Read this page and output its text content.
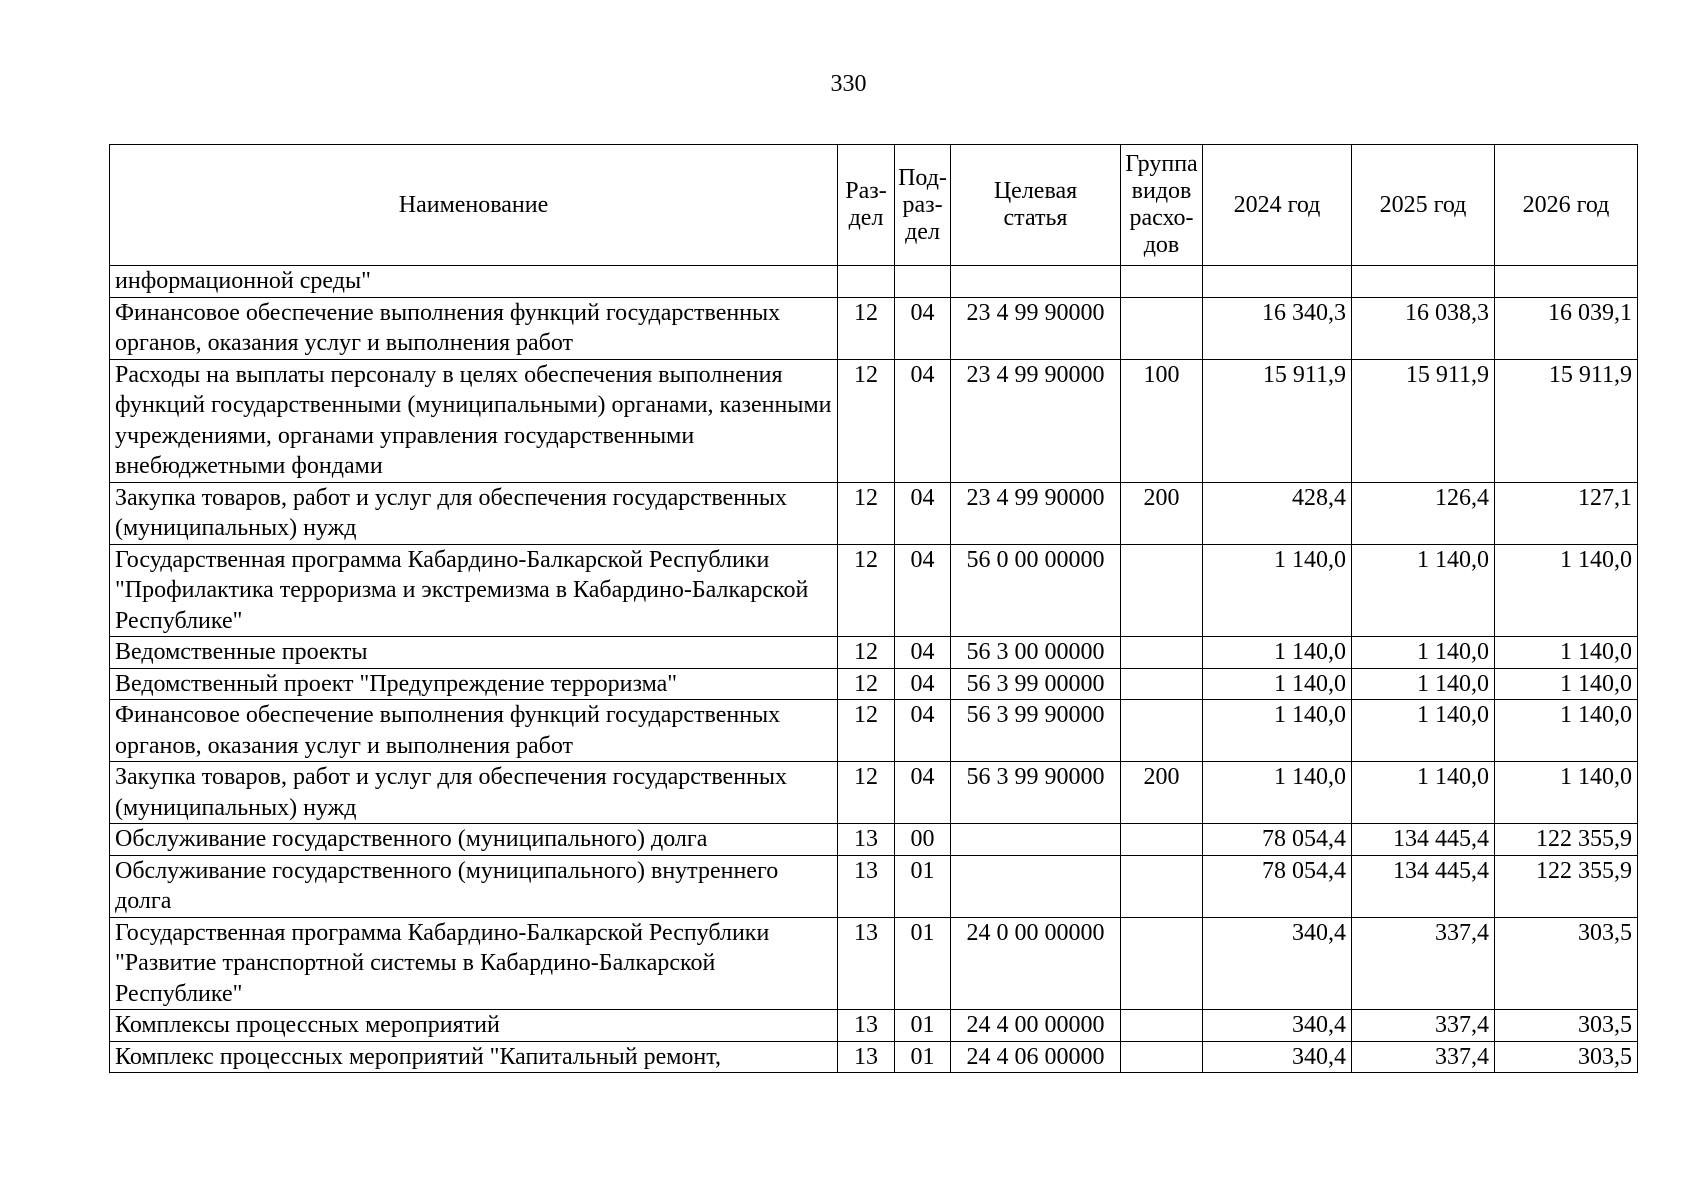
330
Наименование	Раз-
дел	Под-
раз-
дел	Целевая
статья	Группа
видов
расхо-
дов	2024 год	2025 год	2026 год
информационной среды"							
Финансовое обеспечение выполнения функций государственных органов, оказания услуг и выполнения работ	12	04	23 4 99 90000		16 340,3	16 038,3	16 039,1
Расходы на выплаты персоналу в целях обеспечения выполнения функций государственными (муниципальными) органами, казенными учреждениями, органами управления государственными внебюджетными фондами	12	04	23 4 99 90000	100	15 911,9	15 911,9	15 911,9
Закупка товаров, работ и услуг для обеспечения государственных (муниципальных) нужд	12	04	23 4 99 90000	200	428,4	126,4	127,1
Государственная программа Кабардино-Балкарской Республики "Профилактика терроризма и экстремизма в Кабардино-Балкарской Республике"	12	04	56 0 00 00000		1 140,0	1 140,0	1 140,0
Ведомственные проекты	12	04	56 3 00 00000		1 140,0	1 140,0	1 140,0
Ведомственный проект "Предупреждение терроризма"	12	04	56 3 99 00000		1 140,0	1 140,0	1 140,0
Финансовое обеспечение выполнения функций государственных органов, оказания услуг и выполнения работ	12	04	56 3 99 90000		1 140,0	1 140,0	1 140,0
Закупка товаров, работ и услуг для обеспечения государственных (муниципальных) нужд	12	04	56 3 99 90000	200	1 140,0	1 140,0	1 140,0
Обслуживание государственного (муниципального) долга	13	00			78 054,4	134 445,4	122 355,9
Обслуживание государственного (муниципального) внутреннего долга	13	01			78 054,4	134 445,4	122 355,9
Государственная программа Кабардино-Балкарской Республики "Развитие транспортной системы в Кабардино-Балкарской Республике"	13	01	24 0 00 00000		340,4	337,4	303,5
Комплексы процессных мероприятий	13	01	24 4 00 00000		340,4	337,4	303,5
Комплекс процессных мероприятий "Капитальный ремонт,	13	01	24 4 06 00000		340,4	337,4	303,5
